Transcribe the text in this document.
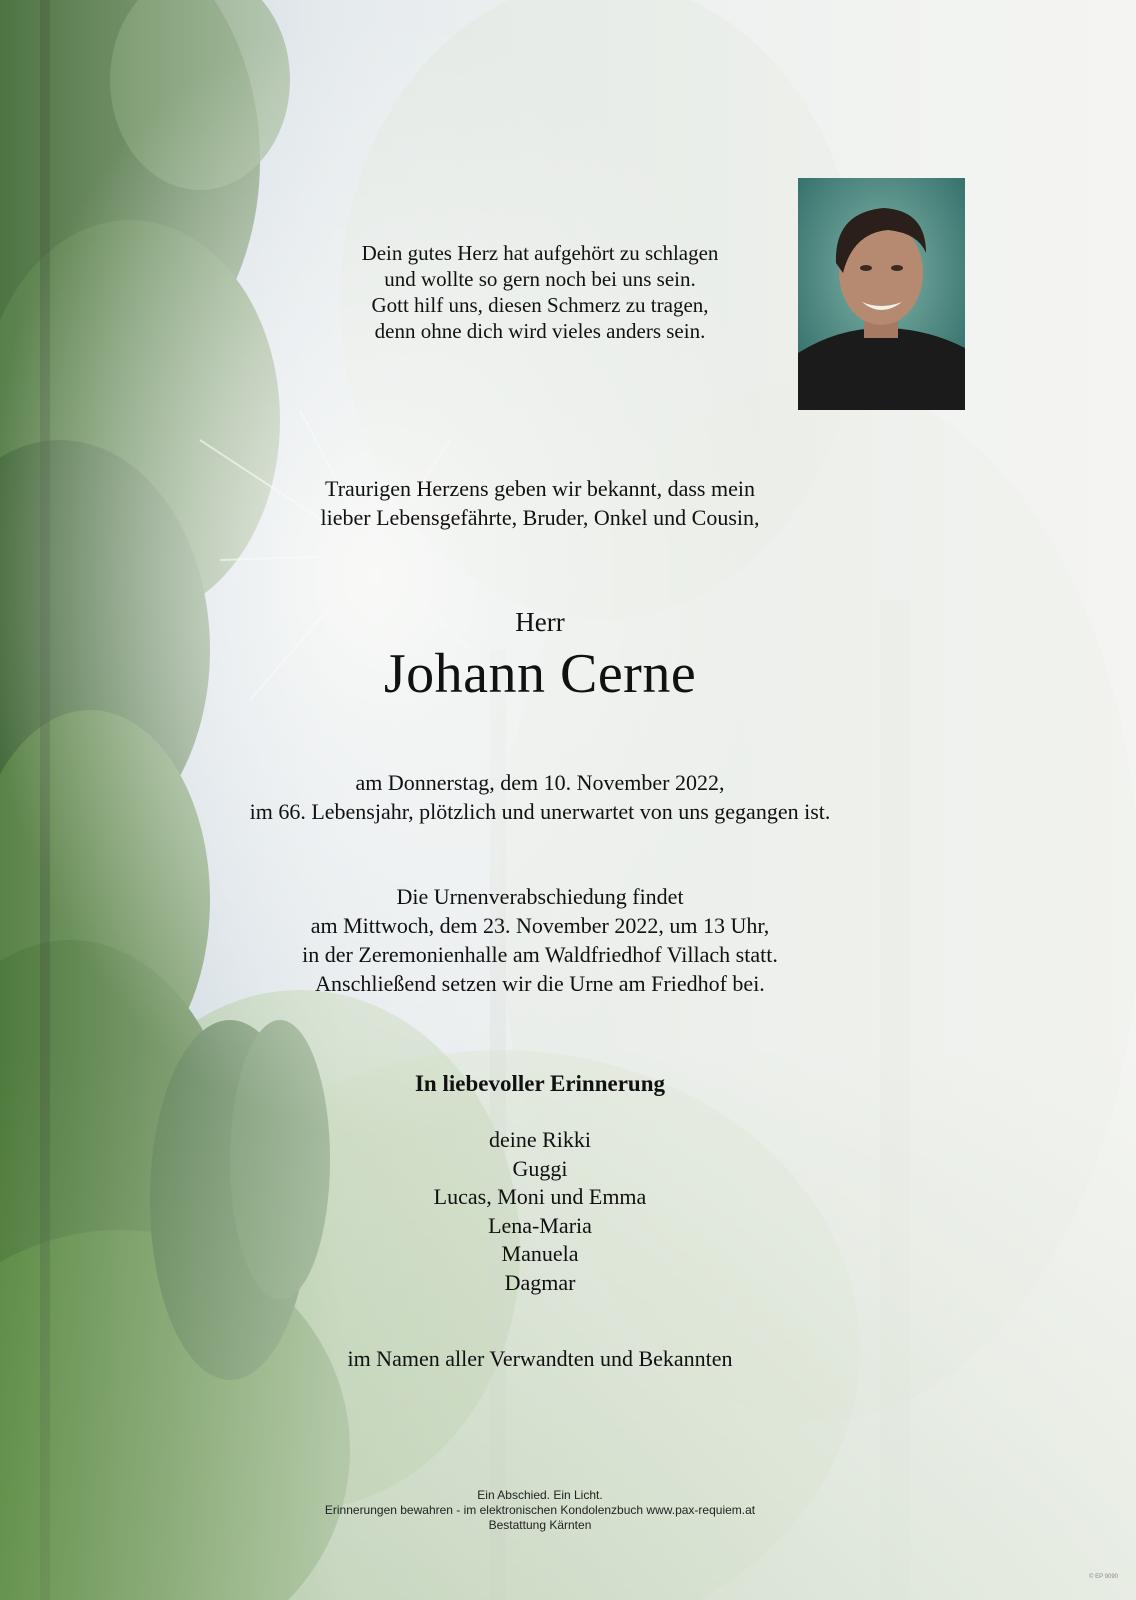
Dein gutes Herz hat aufgehört zu schlagen
und wollte so gern noch bei uns sein.
Gott hilf uns, diesen Schmerz zu tragen,
denn ohne dich wird vieles anders sein.
Traurigen Herzens geben wir bekannt, dass mein
lieber Lebensgefährte, Bruder, Onkel und Cousin,
Herr
Johann Cerne
am Donnerstag, dem 10. November 2022,
im 66. Lebensjahr, plötzlich und unerwartet von uns gegangen ist.
Die Urnenverabschiedung findet
am Mittwoch, dem 23. November 2022, um 13 Uhr,
in der Zeremonienhalle am Waldfriedhof Villach statt.
Anschließend setzen wir die Urne am Friedhof bei.
In liebevoller Erinnerung
deine Rikki
Guggi
Lucas, Moni und Emma
Lena-Maria
Manuela
Dagmar
im Namen aller Verwandten und Bekannten
Ein Abschied. Ein Licht.
Erinnerungen bewahren - im elektronischen Kondolenzbuch www.pax-requiem.at
Bestattung Kärnten
© EP 9090
